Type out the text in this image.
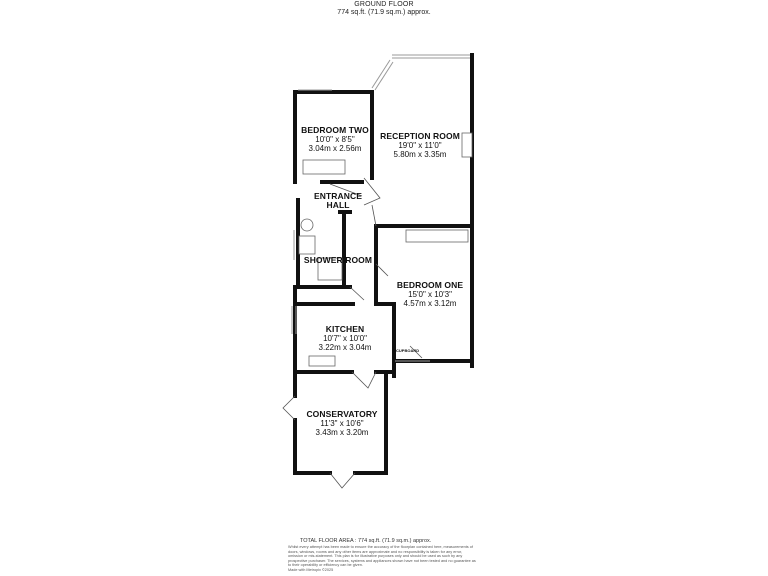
GROUND FLOOR
774 sq.ft. (71.9 sq.m.) approx.
BEDROOM TWO
10'0" x 8'5"
3.04m x 2.56m
RECEPTION ROOM
19'0" x 11'0"
5.80m x 3.35m
ENTRANCE HALL
SHOWER ROOM
BEDROOM ONE
15'0" x 10'3"
4.57m x 3.12m
KITCHEN
10'7" x 10'0"
3.22m x 3.04m
CONSERVATORY
11'3" x 10'6"
3.43m x 3.20m
CUPBOARD
TOTAL FLOOR AREA : 774 sq.ft. (71.9 sq.m.) approx.
Whilst every attempt has been made to ensure the accuracy of the floorplan contained here, measurements of doors, windows, rooms and any other items are approximate and no responsibility is taken for any error, omission or mis-statement. This plan is for illustrative purposes only and should be used as such by any prospective purchaser. The services, systems and appliances shown have not been tested and no guarantee as to their operability or efficiency can be given.
Made with Metropix ©2025
